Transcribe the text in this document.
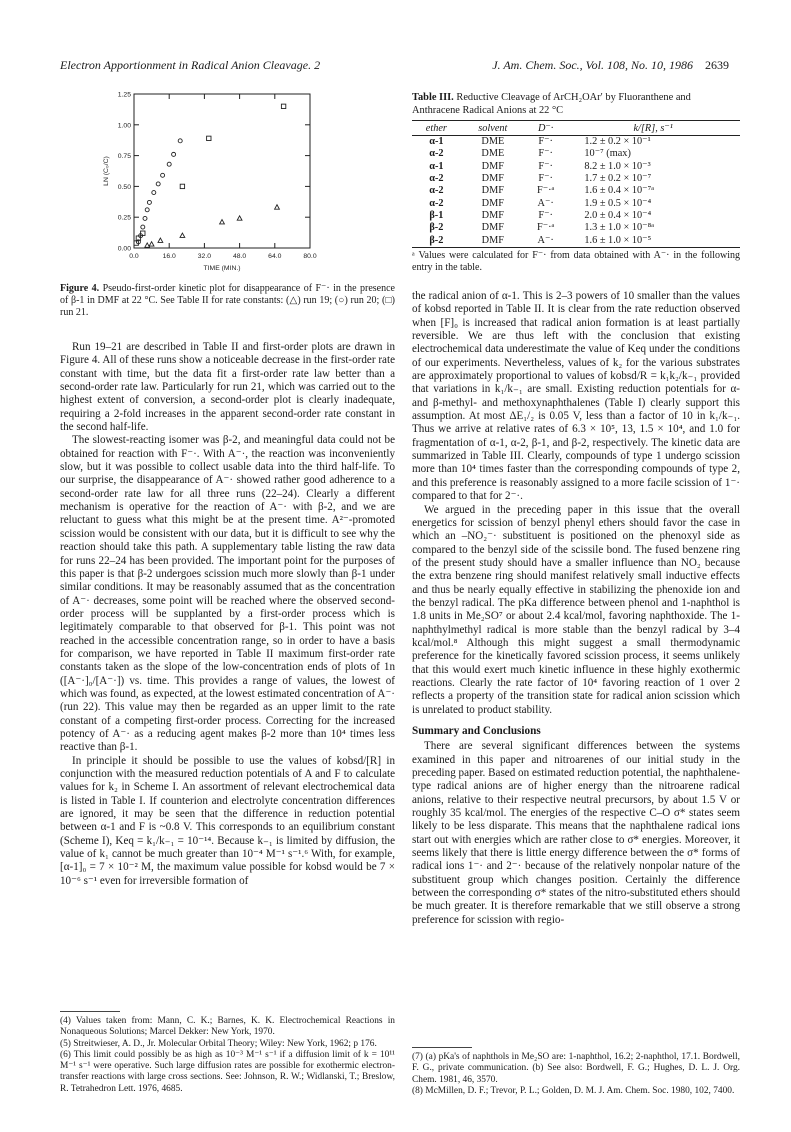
Electron Apportionment in Radical Anion Cleavage. 2	J. Am. Chem. Soc., Vol. 108, No. 10, 1986 2639
0.0	16.0	32.0	48.0	64.0	80.0
0.00
0.25
0.50
0.75
1.00
1.25
TIME (MIN.)
LN (C₀/C)
Figure 4. Pseudo-first-order kinetic plot for disappearance of F⁻· in the presence of β-1 in DMF at 22 °C. See Table II for rate constants: (△) run 19; (○) run 20; (□) run 21.

Run 19–21 are described in Table II and first-order plots are drawn in Figure 4. All of these runs show a noticeable decrease in the first-order rate constant with time, but the data fit a first-order rate law better than a second-order rate law. Particularly for run 21, which was carried out to the highest extent of conversion, a second-order plot is clearly inadequate, requiring a 2-fold increases in the apparent second-order rate constant in the second half-life.

The slowest-reacting isomer was β-2, and meaningful data could not be obtained for reaction with F⁻·. With A⁻·, the reaction was inconveniently slow, but it was possible to collect usable data into the third half-life. To our surprise, the disappearance of A⁻· showed rather good adherence to a second-order rate law for all three runs (22–24). Clearly a different mechanism is operative for the reaction of A⁻· with β-2, and we are reluctant to guess what this might be at the present time. A²⁻-promoted scission would be consistent with our data, but it is difficult to see why the reaction should take this path. A supplementary table listing the raw data for runs 22–24 has been provided. The important point for the purposes of this paper is that β-2 undergoes scission much more slowly than β-1 under similar conditions. It may be reasonably assumed that as the concentration of A⁻· decreases, some point will be reached where the observed second-order process will be supplanted by a first-order process which is legitimately comparable to that observed for β-1. This point was not reached in the accessible concentration range, so in order to have a basis for comparison, we have reported in Table II maximum first-order rate constants taken as the slope of the low-concentration ends of plots of 1n ([A⁻·]₀/[A⁻·]) vs. time. This provides a range of values, the lowest of which was found, as expected, at the lowest estimated concentration of A⁻· (run 22). This value may then be regarded as an upper limit to the rate constant of a competing first-order process. Correcting for the increased potency of A⁻· as a reducing agent makes β-2 more than 10⁴ times less reactive than β-1.

In principle it should be possible to use the values of kobsd/[R] in conjunction with the measured reduction potentials of A and F to calculate values for k₂ in Scheme I. An assortment of relevant electrochemical data is listed in Table I. If counterion and electrolyte concentration differences are ignored, it may be seen that the difference in reduction potential between α-1 and F is ~0.8 V. This corresponds to an equilibrium constant (Scheme I), Keq = k₁/k₋₁ = 10⁻¹⁴. Because k₋₁ is limited by diffusion, the value of k₁ cannot be much greater than 10⁻⁴ M⁻¹ s⁻¹.⁶ With, for example, [α-1]₀ = 7 × 10⁻² M, the maximum value possible for kobsd would be 7 × 10⁻⁶ s⁻¹ even for irreversible formation of

(4) Values taken from: Mann, C. K.; Barnes, K. K. Electrochemical Reactions in Nonaqueous Solutions; Marcel Dekker: New York, 1970.
(5) Streitwieser, A. D., Jr. Molecular Orbital Theory; Wiley: New York, 1962; p 176.
(6) This limit could possibly be as high as 10⁻³ M⁻¹ s⁻¹ if a diffusion limit of k = 10¹¹ M⁻¹ s⁻¹ were operative. Such large diffusion rates are possible for exothermic electron-transfer reactions with large cross sections. See: Johnson, R. W.; Widlanski, T.; Breslow, R. Tetrahedron Lett. 1976, 4685.
Table III. Reductive Cleavage of ArCH₂OAr′ by Fluoranthene and Anthracene Radical Anions at 22 °C
ether	solvent	D⁻·	k/[R], s⁻¹
α-1	DME	F⁻·	1.2 ± 0.2 × 10⁻¹
α-2	DME	F⁻·	10⁻⁷ (max)
α-1	DMF	F⁻·	8.2 ± 1.0 × 10⁻³
α-2	DMF	F⁻·	1.7 ± 0.2 × 10⁻⁷
α-2	DMF	F⁻·ᵃ	1.6 ± 0.4 × 10⁻⁷ᵃ
α-2	DMF	A⁻·	1.9 ± 0.5 × 10⁻⁴
β-1	DMF	F⁻·	2.0 ± 0.4 × 10⁻⁴
β-2	DMF	F⁻·ᵃ	1.3 ± 1.0 × 10⁻⁸ᵃ
β-2	DMF	A⁻·	1.6 ± 1.0 × 10⁻⁵
ᵃ Values were calculated for F⁻· from data obtained with A⁻· in the following entry in the table.

the radical anion of α-1. This is 2–3 powers of 10 smaller than the values of kobsd reported in Table II. It is clear from the rate reduction observed when [F]₀ is increased that radical anion formation is at least partially reversible. We are thus left with the conclusion that existing electrochemical data underestimate the value of Keq under the conditions of our experiments. Nevertheless, values of k₂ for the various substrates are approximately proportional to values of kobsd/R = k₁k₂/k₋₁ provided that variations in k₁/k₋₁ are small. Existing reduction potentials for α- and β-methyl- and methoxynaphthalenes (Table I) clearly support this assumption. At most ΔE₁/₂ is 0.05 V, less than a factor of 10 in k₁/k₋₁. Thus we arrive at relative rates of 6.3 × 10⁵, 13, 1.5 × 10⁴, and 1.0 for fragmentation of α-1, α-2, β-1, and β-2, respectively. The kinetic data are summarized in Table III. Clearly, compounds of type 1 undergo scission more than 10⁴ times faster than the corresponding compounds of type 2, and this preference is reasonably assigned to a more facile scission of 1⁻· compared to that for 2⁻·.

We argued in the preceding paper in this issue that the overall energetics for scission of benzyl phenyl ethers should favor the case in which an –NO₂⁻· substituent is positioned on the phenoxyl side as compared to the benzyl side of the scissile bond. The fused benzene ring of the present study should have a smaller influence than NO₂ because the extra benzene ring should manifest relatively small inductive effects and thus be nearly equally effective in stabilizing the phenoxide ion and the benzyl radical. The pKa difference between phenol and 1-naphthol is 1.8 units in Me₂SO⁷ or about 2.4 kcal/mol, favoring naphthoxide. The 1-naphthylmethyl radical is more stable than the benzyl radical by 3–4 kcal/mol.⁸ Although this might suggest a small thermodynamic preference for the kinetically favored scission process, it seems unlikely that this would exert much kinetic influence in these highly exothermic reactions. Clearly the rate factor of 10⁴ favoring reaction of 1 over 2 reflects a property of the transition state for radical anion scission which is unrelated to product stability.

Summary and Conclusions

There are several significant differences between the systems examined in this paper and nitroarenes of our initial study in the preceding paper. Based on estimated reduction potential, the naphthalene-type radical anions are of higher energy than the nitroarene radical anions, relative to their respective neutral precursors, by about 1.5 V or roughly 35 kcal/mol. The energies of the respective C–O σ* states seem likely to be less disparate. This means that the naphthalene radical ions start out with energies which are rather close to σ* energies. Moreover, it seems likely that there is little energy difference between the σ* forms of radical ions 1⁻· and 2⁻· because of the relatively nonpolar nature of the substituent group which changes position. Certainly the difference between the corresponding σ* states of the nitro-substituted ethers should be much greater. It is therefore remarkable that we still observe a strong preference for scission with regio-

(7) (a) pKa's of naphthols in Me₂SO are: 1-naphthol, 16.2; 2-naphthol, 17.1. Bordwell, F. G., private communication. (b) See also: Bordwell, F. G.; Hughes, D. L. J. Org. Chem. 1981, 46, 3570.
(8) McMillen, D. F.; Trevor, P. L.; Golden, D. M. J. Am. Chem. Soc. 1980, 102, 7400.
